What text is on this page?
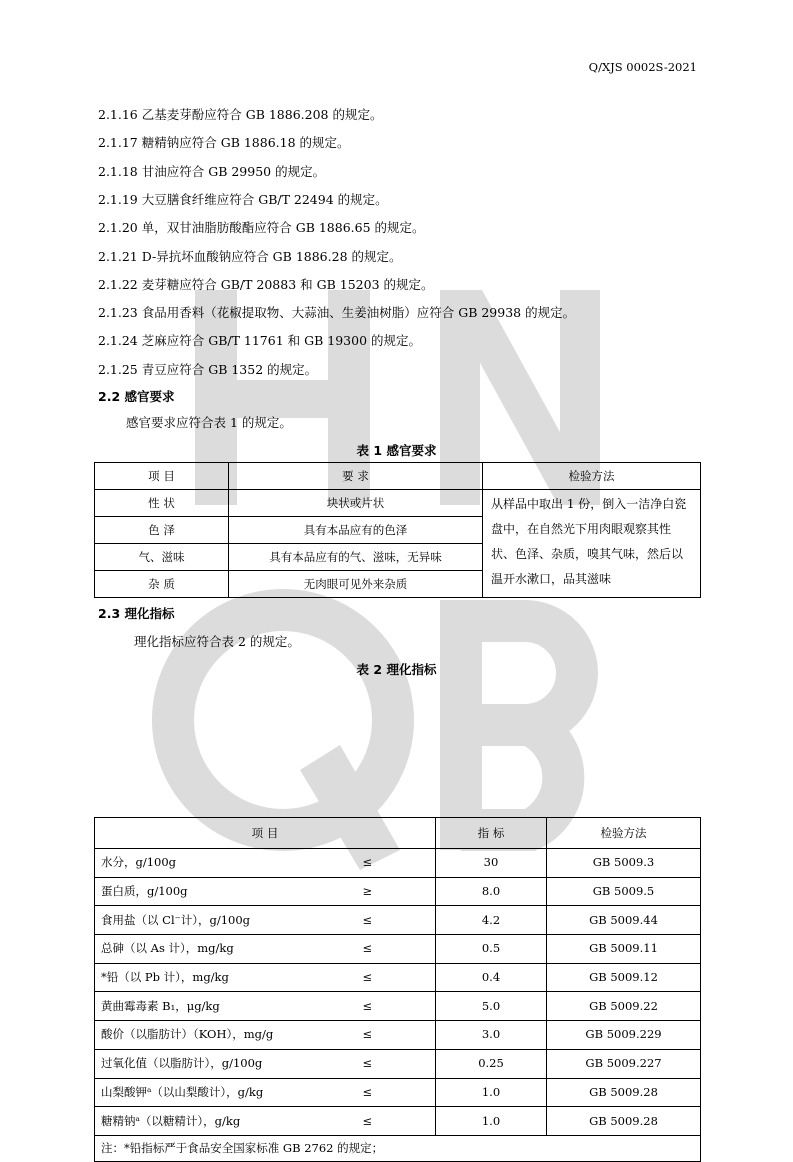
Q/XJS 0002S-2021
2.1.16 乙基麦芽酚应符合 GB 1886.208 的规定。
2.1.17 糖精钠应符合 GB 1886.18 的规定。
2.1.18 甘油应符合 GB 29950 的规定。
2.1.19 大豆膳食纤维应符合 GB/T 22494 的规定。
2.1.20 单，双甘油脂肪酸酯应符合 GB 1886.65 的规定。
2.1.21 D-异抗坏血酸钠应符合 GB 1886.28 的规定。
2.1.22 麦芽糖应符合 GB/T 20883 和 GB 15203 的规定。
2.1.23 食品用香料（花椒提取物、大蒜油、生姜油树脂）应符合 GB 29938 的规定。
2.1.24 芝麻应符合 GB/T 11761 和 GB 19300 的规定。
2.1.25 青豆应符合 GB 1352 的规定。
2.2 感官要求
感官要求应符合表 1 的规定。
表 1 感官要求
项 目	要 求	检验方法
性 状	块状或片状	从样品中取出 1 份，倒入一洁净白瓷盘中，在自然光下用肉眼观察其性状、色泽、杂质，嗅其气味，然后以温开水漱口，品其滋味
色 泽	具有本品应有的色泽	
气、滋味	具有本品应有的气、滋味，无异味	
杂 质	无肉眼可见外来杂质	
2.3 理化指标
理化指标应符合表 2 的规定。
表 2 理化指标
项 目		指 标	检验方法
水分，g/100g	≤	30	GB 5009.3
蛋白质，g/100g	≥	8.0	GB 5009.5
食用盐（以 Cl⁻计），g/100g	≤	4.2	GB 5009.44
总砷（以 As 计），mg/kg	≤	0.5	GB 5009.11
*铅（以 Pb 计），mg/kg	≤	0.4	GB 5009.12
黄曲霉毒素 B₁，μg/kg	≤	5.0	GB 5009.22
酸价（以脂肪计）（KOH），mg/g	≤	3.0	GB 5009.229
过氧化值（以脂肪计），g/100g	≤	0.25	GB 5009.227
山梨酸钾ᵃ（以山梨酸计），g/kg	≤	1.0	GB 5009.28
糖精钠ᵃ（以糖精计），g/kg	≤	1.0	GB 5009.28
注：*铅指标严于食品安全国家标准 GB 2762 的规定；			
